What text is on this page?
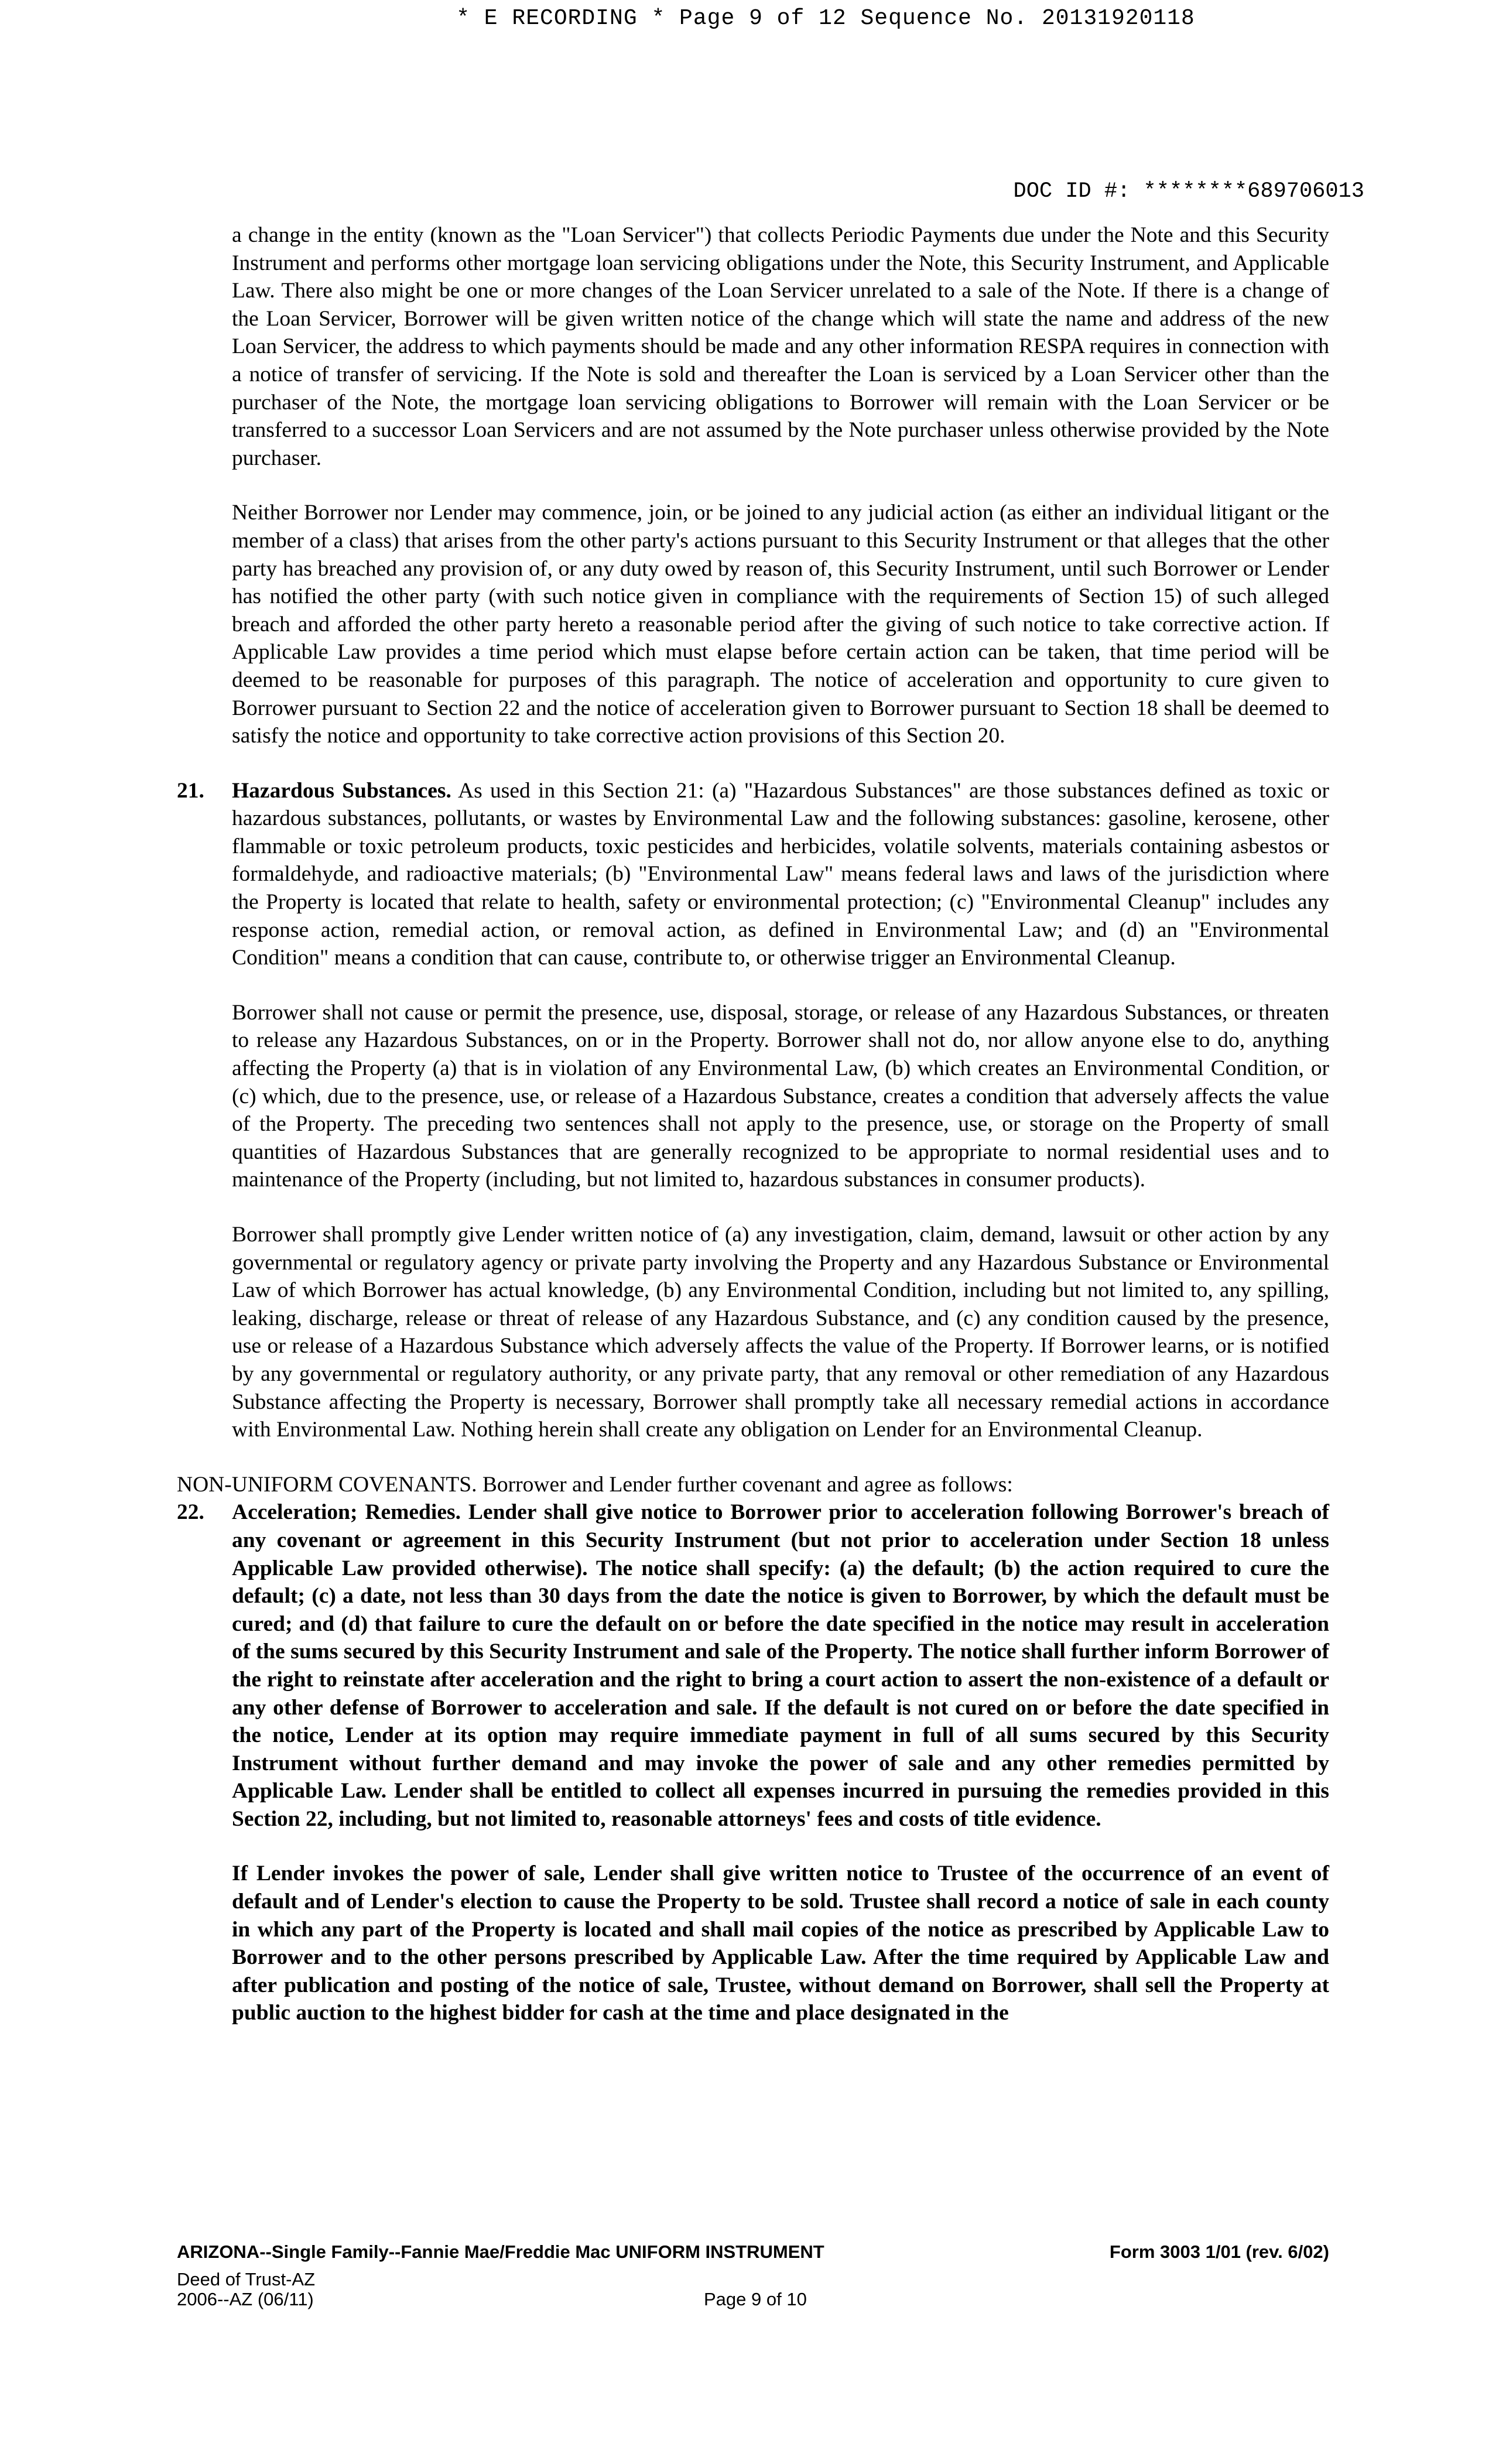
* E RECORDING * Page 9 of 12 Sequence No. 20131920118
DOC ID #: ********689706013

a change in the entity (known as the "Loan Servicer") that collects Periodic Payments due under the Note and this Security Instrument and performs other mortgage loan servicing obligations under the Note, this Security Instrument, and Applicable Law. There also might be one or more changes of the Loan Servicer unrelated to a sale of the Note. If there is a change of the Loan Servicer, Borrower will be given written notice of the change which will state the name and address of the new Loan Servicer, the address to which payments should be made and any other information RESPA requires in connection with a notice of transfer of servicing. If the Note is sold and thereafter the Loan is serviced by a Loan Servicer other than the purchaser of the Note, the mortgage loan servicing obligations to Borrower will remain with the Loan Servicer or be transferred to a successor Loan Servicers and are not assumed by the Note purchaser unless otherwise provided by the Note purchaser.

Neither Borrower nor Lender may commence, join, or be joined to any judicial action (as either an individual litigant or the member of a class) that arises from the other party's actions pursuant to this Security Instrument or that alleges that the other party has breached any provision of, or any duty owed by reason of, this Security Instrument, until such Borrower or Lender has notified the other party (with such notice given in compliance with the requirements of Section 15) of such alleged breach and afforded the other party hereto a reasonable period after the giving of such notice to take corrective action. If Applicable Law provides a time period which must elapse before certain action can be taken, that time period will be deemed to be reasonable for purposes of this paragraph. The notice of acceleration and opportunity to cure given to Borrower pursuant to Section 22 and the notice of acceleration given to Borrower pursuant to Section 18 shall be deemed to satisfy the notice and opportunity to take corrective action provisions of this Section 20.

21. Hazardous Substances. As used in this Section 21: (a) "Hazardous Substances" are those substances defined as toxic or hazardous substances, pollutants, or wastes by Environmental Law and the following substances: gasoline, kerosene, other flammable or toxic petroleum products, toxic pesticides and herbicides, volatile solvents, materials containing asbestos or formaldehyde, and radioactive materials; (b) "Environmental Law" means federal laws and laws of the jurisdiction where the Property is located that relate to health, safety or environmental protection; (c) "Environmental Cleanup" includes any response action, remedial action, or removal action, as defined in Environmental Law; and (d) an "Environmental Condition" means a condition that can cause, contribute to, or otherwise trigger an Environmental Cleanup.

Borrower shall not cause or permit the presence, use, disposal, storage, or release of any Hazardous Substances, or threaten to release any Hazardous Substances, on or in the Property. Borrower shall not do, nor allow anyone else to do, anything affecting the Property (a) that is in violation of any Environmental Law, (b) which creates an Environmental Condition, or (c) which, due to the presence, use, or release of a Hazardous Substance, creates a condition that adversely affects the value of the Property. The preceding two sentences shall not apply to the presence, use, or storage on the Property of small quantities of Hazardous Substances that are generally recognized to be appropriate to normal residential uses and to maintenance of the Property (including, but not limited to, hazardous substances in consumer products).

Borrower shall promptly give Lender written notice of (a) any investigation, claim, demand, lawsuit or other action by any governmental or regulatory agency or private party involving the Property and any Hazardous Substance or Environmental Law of which Borrower has actual knowledge, (b) any Environmental Condition, including but not limited to, any spilling, leaking, discharge, release or threat of release of any Hazardous Substance, and (c) any condition caused by the presence, use or release of a Hazardous Substance which adversely affects the value of the Property. If Borrower learns, or is notified by any governmental or regulatory authority, or any private party, that any removal or other remediation of any Hazardous Substance affecting the Property is necessary, Borrower shall promptly take all necessary remedial actions in accordance with Environmental Law. Nothing herein shall create any obligation on Lender for an Environmental Cleanup.

NON-UNIFORM COVENANTS. Borrower and Lender further covenant and agree as follows:

22. Acceleration; Remedies. Lender shall give notice to Borrower prior to acceleration following Borrower's breach of any covenant or agreement in this Security Instrument (but not prior to acceleration under Section 18 unless Applicable Law provided otherwise). The notice shall specify: (a) the default; (b) the action required to cure the default; (c) a date, not less than 30 days from the date the notice is given to Borrower, by which the default must be cured; and (d) that failure to cure the default on or before the date specified in the notice may result in acceleration of the sums secured by this Security Instrument and sale of the Property. The notice shall further inform Borrower of the right to reinstate after acceleration and the right to bring a court action to assert the non-existence of a default or any other defense of Borrower to acceleration and sale. If the default is not cured on or before the date specified in the notice, Lender at its option may require immediate payment in full of all sums secured by this Security Instrument without further demand and may invoke the power of sale and any other remedies permitted by Applicable Law. Lender shall be entitled to collect all expenses incurred in pursuing the remedies provided in this Section 22, including, but not limited to, reasonable attorneys' fees and costs of title evidence.

If Lender invokes the power of sale, Lender shall give written notice to Trustee of the occurrence of an event of default and of Lender's election to cause the Property to be sold. Trustee shall record a notice of sale in each county in which any part of the Property is located and shall mail copies of the notice as prescribed by Applicable Law to Borrower and to the other persons prescribed by Applicable Law. After the time required by Applicable Law and after publication and posting of the notice of sale, Trustee, without demand on Borrower, shall sell the Property at public auction to the highest bidder for cash at the time and place designated in the

ARIZONA--Single Family--Fannie Mae/Freddie Mac UNIFORM INSTRUMENT	Form 3003 1/01 (rev. 6/02)
Deed of Trust-AZ
2006--AZ (06/11)	Page 9 of 10
